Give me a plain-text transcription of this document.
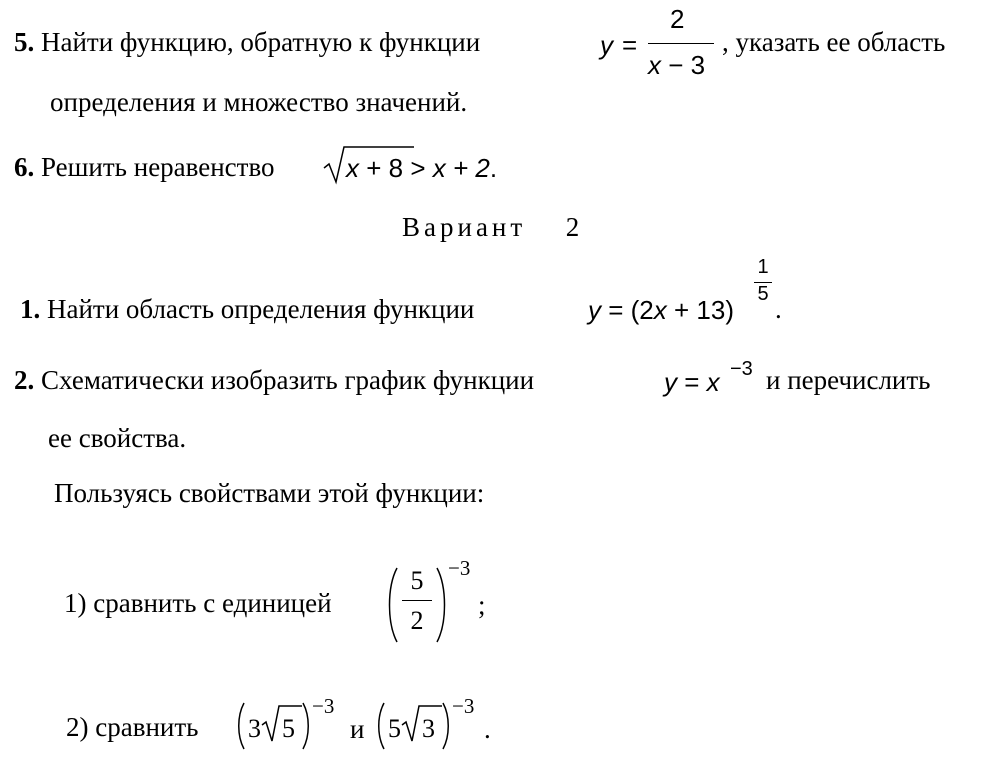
5. Найти функцию, обратную к функции	y =
2
x − 3
, указать ее область
определения и множество значений.
6. Решить неравенство	x + 8 > x + 2.
Вариант 2
1. Найти область определения функции	y = (2x + 13)
1
5 .
2. Схематически изобразить график функции	y = x −3 и перечислить
ее свойства.
Пользуясь свойствами этой функции:
1) сравнить с единицей
5
2
−3
;
2) сравнить 3 5
−3
и 5 3
−3
.
